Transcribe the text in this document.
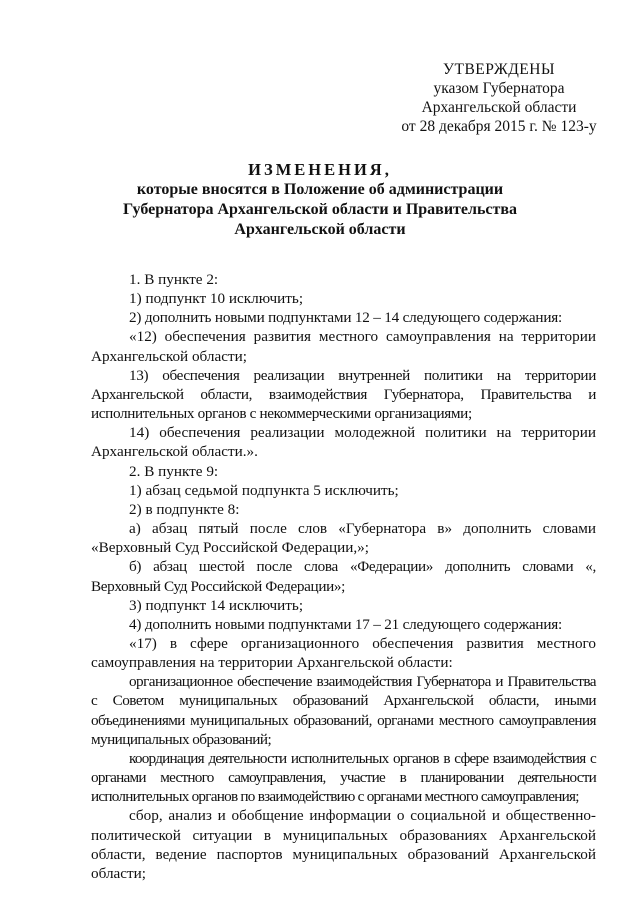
УТВЕРЖДЕНЫ
указом Губернатора
Архангельской области
от 28 декабря 2015 г. № 123-у
ИЗМЕНЕНИЯ,
которые вносятся в Положение об администрации
Губернатора Архангельской области и Правительства
Архангельской области

1. В пункте 2:

1) подпункт 10 исключить;

2) дополнить новыми подпунктами 12 – 14 следующего содержания:

«12) обеспечения развития местного самоуправления на территории Архангельской области;

13) обеспечения реализации внутренней политики на территории Архангельской области, взаимодействия Губернатора, Правительства и исполнительных органов с некоммерческими организациями;

14) обеспечения реализации молодежной политики на территории Архангельской области.».

2. В пункте 9:

1) абзац седьмой подпункта 5 исключить;

2) в подпункте 8:

а) абзац пятый после слов «Губернатора в» дополнить словами «Верховный Суд Российской Федерации,»;

б) абзац шестой после слова «Федерации» дополнить словами «, Верховный Суд Российской Федерации»;

3) подпункт 14 исключить;

4) дополнить новыми подпунктами 17 – 21 следующего содержания:

«17) в сфере организационного обеспечения развития местного самоуправления на территории Архангельской области:

организационное обеспечение взаимодействия Губернатора и Правительства с Советом муниципальных образований Архангельской области, иными объединениями муниципальных образований, органами местного самоуправления муниципальных образований;

координация деятельности исполнительных органов в сфере взаимодействия с органами местного самоуправления, участие в планировании деятельности исполнительных органов по взаимодействию с органами местного самоуправления;

сбор, анализ и обобщение информации о социальной и общественно-политической ситуации в муниципальных образованиях Архангельской области, ведение паспортов муниципальных образований Архангельской области;
